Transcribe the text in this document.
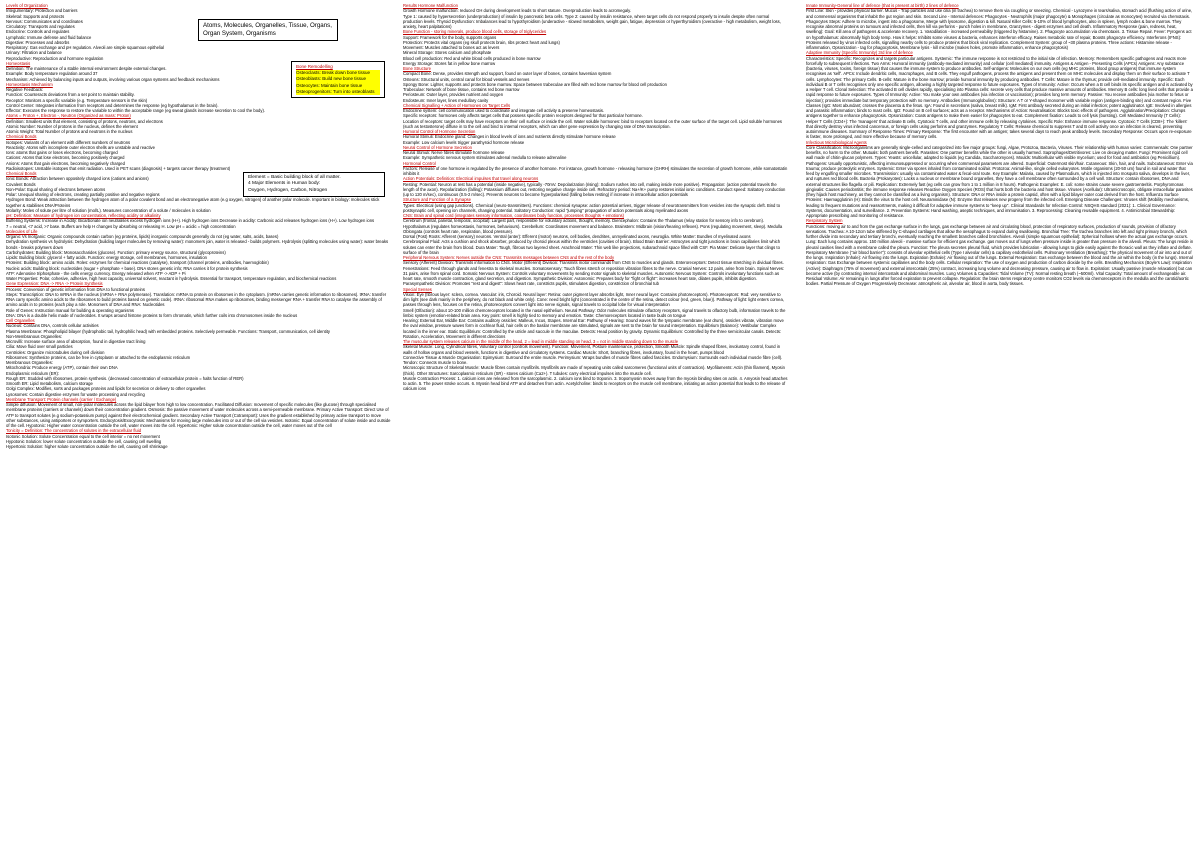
Levels of Organization

Integumentary: Protection and barriers

Skeletal: Supports and protects

Nervous: Communicates and coordinates

Circulatory: Transports and regulates

Endocrine: Controls and regulates

Lymphatic: Immune defense and fluid balance

Digestive: Processes and absorbs

Respiratory: Gas exchange and pH regulation. Alveoli are simple squamous epithelial

Urinary: Filtration and balance

Reproductive: Reproduction and hormone regulation

Homeostasis

Definition: The maintenance of a stable internal environment despite external changes.

Example: Body temperature regulation around 37

Mechanism: Achieved by balancing inputs and outputs, involving various organ systems and feedback mechanisms

Homeostasis Mechanism

Negative Feedback:

Function: Counteracts deviations from a set point to maintain stability.

Receptor: Monitors a specific variable (e.g. Temperature sensors in the skin)

Control Center: Integrates information from receptors and determines the response (eg hypothalamus in the brain).

Effector: Executes the response to restore the variable to within the acceptable range (eg sweat glands increase secretion to cool the body).

Atoms = Proton +, Electron -, Neutron (Organized as mass: Proton)

Definition: Smallest units that element, consisting of protons, neutrons, and electrons

Atomic Number: Number of protons in the nucleus, defines the element

Atomic Weight: Total Number of protons and neutrons in the nucleus

Chemical Bonds

Isotopes: Variants of an element with different numbers of neutrons

Reactivity: Atoms with incomplete outer electron shells are unstable and reactive

Ions: atoms that gains or loses electrons, becoming charged

Cations: Atoms that lose electrons, becoming positively charged

Anions: Atoms that gain electrons, becoming negatively charged

Radioisotopes: Unstable isotopes that emit radiation. Used in PET scans (diagnosis) + targets cancer therapy (treatment)

Chemical Bonds

Ionic Bonds: Attraction between oppositely charged ions (cations and anions)

Covalent Bonds

Non-Polar: Equal sharing of electrons between atoms

Polar: Unequal sharing of electrons, creating partially positive and negative regions

Hydrogen Bond: Weak attraction between the hydrogen atom of a polar covalent bond and an electronegative atom (e.g oxygen, nitrogen) of another polar molecule. Important in biology: molecules stick together & stabilises DNA/Proteins

Molarity: Moles of solute per litre of solution (mol/L). Measures concentration of a solute / molecules in solution

pH: Definition: Measure of hydrogen ion concentration, reflecting acidity or alkalinity

Buffering Systems: Increase in Acidity: Bicarbonate ion neutralises excess hydrogen ions (H+). High hydrogen ions Decrease in acidity: Carbonic acid releases hydrogen ions (H+). Low hydrogen ions

7 = neutral, <7 acid, >7 base. Buffers are help H changes by absorbing or releasing H. Low pH = acidic = high concentration

Molecules of Life

Organic Vs Inorganic: Organic compounds contain carbon (eg proteins, lipids) inorganic compounds generally do not (eg water, salts, acids, bases)

Dehydration synthesis vs hydrolysis: Dehydration (building larger molecules by removing water): monomers join, water is released - builds polymers. Hydrolysis (splitting molecules using water): water breaks bonds - breaks polymers down

Carbohydrates: Building block: Monosaccharides (glucose). Function: primary energy source, structural (glycoproteins)

Lipids: Building block: glycerol + fatty acids. Function: energy storage, cell membranes, hormones, insulation

Proteins: Building block: amino acids. Roles: enzymes for chemical reactions (catalyse), transport (channel proteins, antibodies, haemoglobin)

Nucleic acids: Building block: nucleotides (sugar + phosphate + base). DNA stores genetic info; RNA carries it for protein synthesis

ATP: Adenosine triphosphate - the cells energy currency. Energy released when ATP -> ADP + Pi

Water Properties: Polar, cohesive, adhesive, high heat capacity, universal solvent, reactant in hydrolysis. Essential for transport, temperature regulation, and biochemical reactions

Gene Expression: DNA -> RNA -> Protein Synthesis

Process: Conversion of genetic information from DNA to functional proteins

Steps: Transcription: DNA to mRNA in the nucleus (mRNA + RNA polymerase). Translation: mRNA to protein on ribosomes in the cytoplasm. (mRNA carries genetic information to ribosomes). tRNA: transfer RNA carry specific amino acids to the ribosomes to build proteins based on genetic code). rRNA: ribosomal RNA makes up ribosomes, binding messenger RNA + transfer RNA to catalyse the assembly of amino acids in to proteins (each play a role. Monomers of DNA and RNA: Nucleotides

Role of Genes: Instruction manual for building & operating organisms

DNA: DNA is a double helix made of nucleotides. It wraps around histone proteins to form chromatin, which further coils into chromosomes inside the nucleus

Cell Organelles

Nucleus: Contains DNA, controls cellular activities

Plasma Membrane: Phospholipid bilayer (hydrophobic tail, hydrophilic head) with embedded proteins. Selectively permeable. Functions: Transport, communication, cell identity

Non-Membranous Organelles:

Microvilli: Increase surface area of absorption, found in digestive tract lining

Cilia: Move fluid over small particles

Centrioles: Organize microtubules during cell division

Ribosomes: Synthesize proteins, can be free in cytoplasm or attached to the endoplasmic reticulum

Membranous Organelles:

Mitochondria: Produce energy (ATP), contain their own DNA

Endoplasmic reticulum (ER):

Rough ER: Studded with ribosomes, protein synthesis. (decreased concentration of extracellular protein = halts function of RER)

Smooth ER: Lipid metabolism, calcium storage

Golgi Complex: Modifies, sorts and packages proteins and lipids for secretion or delivery to other organelles

Lysosomes: Contain digestive enzymes for waste processing and recycling

Membrane Transport: Protein channels (carrier / Exchange)

Simple diffusion: Movement of small, non-polar molecules across the lipid bilayer from high to low concentration. Facilitated Diffusion: movement of specific molecules (like glucose) through specialised membrane proteins (carriers or channels) down their concentration gradient. Osmosis: the passive movement of water molecules across a semi-permeable membrane. Primary Active Transport: Direct Use of ATP to transport solutes (e.g sodium-potassium pump) against their electrochemical gradient. Secondary Active Transport (Cotransport): Uses the gradient established by primary active transport to move other substances, using antiporters or symporters. Endocytosis/Exocytosis: Mechanisms for moving large molecules into or out of the cell via vesicles. Isotonic: Equal concentration of solute inside and outside of the cell. Hypotonic: Higher water concentration outside the cell, water moves into the cell. Hypertonic: Higher solute concentration outside the cell, water moves out of the cell

Tonicity = Definition: The concentration of solutes in the extracellular fluid

Isotonic Solution: Solute Concentration equal to the cell interior = no net movement

Hypotonic Solution: lower solute concentration outside the cell, causing cell swelling

Hypertonic Solution: higher solute concentration outside the cell, causing cell shrinkage

Results Hormone Malfunction

Growth Hormone malfunction: reduced GH during development leads to short stature. Overproduction leads to acromegaly.

Type 1: caused by hypersecretion (underproduction) of insulin by pancreatic beta cells. Type 2: caused by insulin resistance, where target cells do not respond properly to insulin despite often normal production levels. Thyroid Dysfunction: Imbalances lead to hypothyroidism (underactive - slowed metabolism, weight gain, fatigue, depression or hyperthyroidism (overactive - high metabolism, weight loss, anxiety, heart palpitations)

Bone Function - storing minerals, produce blood cells, storage of triglycerides

Support: Framework for the body, supports organs

Protection: Protects vital organs (eg skull protects brain, ribs protect heart and lungs)

Movement: Muscles attached to bones act as levers

Mineral Storage: Stores calcium and phosphate

Blood cell production: Red and white blood cells produced in bone marrow

Energy Storage: Stores fat in yellow bone marrow

Bone Structure

Compact Bone: Dense, provides strength and support, found on outer layer of bones, contains haversian system

Osteons: Structural units, central canal for blood vessels and nerves

Spongy Bone: Lighter, supports and protects bone marrow. Space between trabeculae are filled with red bone marrow for blood cell production

Trabeculae: Network of bone tissue, contains red bone marrow

Periosteum: Outer layer, provides nutrient and oxygen

Endosteum: Inner layer, lines medullary cavity

Chemical Signalling + Action of Hormones on Target Cells

Endocrine system: cell communication used to coordinate and integrate cell activity & preserve homeostasis.

Specific receptors: hormones only affects target cells that possess specific protein receptors designed for that particular hormone.

Location of receptors: target cells may have receptors on their cell surface or inside the cell. Water soluble hormones: bind to receptors located on the outer surface of the target cell. Lipid soluble hormones (such as testosterone) diffuse in to the cell and bind to internal receptors, which can alter gene expression by changing rate of DNA transcription.

Humoral Control of Hormone Secretion

Humoral Stimuli: Endocrine gland: Changes in blood levels of ions and nutrients directly stimulate hormone release

Example: Low calcium levels trigger parathyroid hormone release

Neural Control of Hormone Secretion

Neural Stimuli: Nerve fibres stimulate hormone release

Example: Sympathetic nervous system stimulates adrenal medulla to release adrenaline

Hormonal Control

Factors: Release of one hormone is regulated by the presence of another hormone. For instance, growth hormone - releasing hormone (GHRH) stimulates the secretion of growth hormone, while somatostatin inhibits it

Action Potentials: Definition: Electrical impulses that travel along neurons

Resting: Potential: Neuron at rest has a potential (inside negative), typically -70mV. Depolarization (rising): Sodium rushes into cell, making inside more positive). Propagation: (action potential travels the length of the axon). Repolarization (falling): Potassium diffuses out, restoring negative charge inside cell. Refractory period: Na+/K+ pump restores initial ionic conditions. Conduct speed: Saltatory conduction (up to 120 m/sec), continuous (0.5-2 m/sec). Prevents neurons to become hyperpolarised (falling below resting) if increase in intracellular action potentials

Structure and Function of a Synapse

Types: Electrical (using gap junctions). Chemical (neuro-transmitters). Functions: chemical synapse: action potential arrives, trigger release of neurotransmitters from vesicles into the synaptic cleft. Bind to postsynaptic cell, opening ion channels, changing potential. Saltatory Conduction: rapid "jumping" propagation of action potentials along myelinated axons

CNS: Brain and spinal cord (integrates sensory information, coordinates body function, processes thoughts + emotions)

Cerebrum (frontal, parietal, temporal, occipital): Largest part, responsible for voluntary actions, thought, memory. Diencephalon: Contains the Thalamus (relay station for sensory info to cerebrum). Hypothalamus (regulates homeostasis, hormones, behaviours). Cerebellum: Coordinates movement and balance. Brainstem: Midbrain (vision/hearing reflexes). Pons (regulating movement, sleep). Medulla Oblongata (controls heart rate, respiration, blood pressure).

Dorsal (Post) Roots: Afferent (sensory) neurons. Ventral (anter): Efferent (motor) neurons, cell bodies, dendrites, unmyelinated axons, neuroglia. White Matter: Bundles of myelinated axons

Cerebrospinal Fluid: Acts a cushion and shock absorber, produced by choroid plexus within the ventricles (cavities of brain). Blood Brain Barrier: Astrocytes and tight junctions in brain capillaries limit which solutes can enter the brain from blood. Dura Mater: Tough, fibrous two layered sheet. Arachnoid Mater: Thin web like projections, subarachnoid space filled with CSF. Pia Mater: Delicate layer that clings to surface of the brain

Peripheral Nervous System: Nerves outside the CNS: Transmits messages between CNS and the rest of the body

Sensory (Afferent) Division: Transmits information to CNS. Motor (Efferent) Division: Transmits motor commands from CNS to muscles and glands. Enteroreceptors: Detect tissue stretching in dividual fibres. Fenestrations: Feed through glands and fenestra to skeletal muscles. Somatosensory: Touch fibres stretch or reposition vibration fibres to the nerve. Cranial Nerves: 12 pairs, arise from brain. Spinal Nerves: 31 pairs, arise from spinal cord. Somatic Nervous System: Controls voluntary movements by sending motor signals to skeletal muscles. Autonomic Nervous System: Controls involuntary functions such as heart rate, smooth muscle contraction, gland secretion, and digestion. Sympathetic Division: Autonomic: Prepares body for "fight or flight": increases heart rate, dilates pupils, inhibits digestion. Parasympathetic Division: Promotes "rest and digest": Slows heart rate, constricts pupils, stimulates digestion, constriction of bronchial tub

Special Senses

Vision: Eye (fibrous layer: sclera, cornea. Vascular: iris, Choroid. Neural layer: Retina: outer pigment layer absorbs light, Inner neural layer: Contains photoreceptors). Photoreceptors: Rod: very sensitive to dim light (see dark mainly in the periphery, do not black and white only). Cone: need bright light (concentrated in the centre of the retina, detect colour (red, green, blue)). Pathway of light: light enters cornea, passes through lens, focuses on the retina, photoreceptors convert light into nerve signals, signal travels to occipital lobe for visual interpretation

Smell (Olfaction): about 10-100 million chemoreceptors located in the nasal epithelium. Neural Pathway: Odor molecules stimulate olfactory receptors, signal travels to olfactory bulb, information travels to the limbic system (emotion-related brain area. Key point: smell is highly tied to memory and emotion. Taste: Chemoreceptors located in taste buds on tongue

Hearing: External Ear, Middle Ear: Contains auditory ossicles: Malleus, Incus, Stapes. Internal Ear: Pathway of Hearing: Sound waves hit the tympanic membrane (ear drum), ossicles vibrate, vibration move the oval window, pressure waves form in cochlear fluid, hair cells on the basilar membrane are stimulated, signals are sent to the brain for sound interpretation. Equilibrium (Balance): Vestibular Complex located in the inner ear. Static Equilibrium: Controlled by the utricle and saccule in the maculae. Detects: Head position by gravity. Dynamic Equilibrium: Controlled by the three semicircular canals. Detects: Rotation, Acceleration, Movement in different directions

The muscular system releases calcium in the middle of the head, 2 = lead in middle standing on head, 3 = not in middle standing down to the muscle

Skeletal Muscle: Long, Cylindrical fibres, Voluntary control (controls movement). Function: Movement, Posture maintenance, protection, Smooth Muscle: Spindle shaped fibres, involuntary control, found in walls of hollow organs and blood vessels, functions in digestive and circulatory systems. Cardiac Muscle: Short, branching fibres, involuntary, found in the heart, pumps blood

Connective Tissue & Muscle Organisation: Epimysium: Surround the entire muscle. Perimysium: Wraps bundles of muscle fibres called fascicles. Endomysium: Surrounds each individual muscle fibre (cell). Tendon: Connects muscle to bone.

Microscopic Structure of Skeletal Muscle: Muscle fibres contain myofibrils. Myofibrils are made of repeating units called sarcomeres (functional units of contraction). Myofilaments: Actin (thin filament), Myosin (thick). Other Structures: Sarcoplasmic reticulum (SR) - stores calcium (Ca2+). T tubules: carry electrical impulses into the muscle cell.

Muscle Contraction Process: 1. calcium ions are released from the sarcoplasmic. 2. calcium ions bind to troponin. 3. tropomyosin moves away from the myosin binding sites on actin. 4. Amyosin head attaches to actin. 5. The power stroke occurs. 6. Myosin head bind ATP and detaches from actin. Acetylcholine: binds to receptors on the muscle cell membrane, initiating an action potential that leads to the release of calcium ions

Innate Immunity-General line of defence (that is present at birth) 2 lines of defence

First Line: Skin - provides physical barrier. Mucus - Trap particles and use cilia (in trachea) to remove them via coughing or sneezing. Chemical - Lysozyme in tears/saliva, stomach acid (flushing action of urine, and commensal organisms that inhabit the gut region and skin. Second Line - Internal defences: Phagocytes - Neutrophils (major phagocyte) & Monophages (circulate as monocytes) recruited via chemotaxis. Phagocytes Steps: Adhere to microbe, ingest into a phagosome, Merge with lysosome, digestion & kill. Natural Killer Cells: 5-10% of blood lymphocytes, also in spleen, lymph nodes & bone marrow. They recognise abnormal proteins on tumours and infected cells, then kill via perforins - punch holes in membrane, Granzymes - digest enzymes and cell death. Inflammatory Response (pain, redness, heat, swelling): Goal: Kill area of pathogens & accelerate recovery. 1. Vasodilation - increased permeability (triggered by histamine). 2. Phagocyte accumulation via chemotaxis. 3. Tissue Repair. Fever: Pyrogens act on hypothalamus: abnormally high body temp. How it helps: Inhibits some viruses & bacteria, enhances interferon efficacy, Raises metabolic rate of repair, Boosts phagocyte efficiency. Interferons (IFNS): Proteins released by virus infected cells, signalling nearby cells to produce proteins that block viral replication. Complement System: group of ~30 plasma proteins. Three actions: Histamine release - inflammation, Opsonization - tag for phagocytosis, Membrane lysis - kill microbe (makes holes, promote inflammation, enhance phagocytosis)

Adaptive Immunity (Specific Immunity) 3rd line of defence

Characteristics: Specific: Recognizes and targets particular antigens. Systemic: The immune response is not restricted to the initial site of infection. Memory: Remembers specific pathogens and reacts more forcefully to subsequent infections. Two Arms: Humoral immunity (antibody-mediated immunity) and cellular (cell mediated) immunity. Antigens & Antigen - Presenting Cells (APCs) Antigens: Any substance (bacteria, viruses, toxins, foreign tissue) that causes the immune system to produce antibodies. Self-antigens: Molecules on our own cells (eg MHC proteins, blood group antigens) that immune system recognises as 'self'. APCs: Include dendritic cells, macrophages, and B cells. They engulf pathogens, process the antigens and present them on MHC molecules and display them on their surface to activate T cells. Lymphocytes: The primary Cells. B-cells: Mature in the bone marrow; provide humoral immunity by producing antibodies. T Cells: Mature in the thymus; provide cell-mediated immunity. Specific: Each individual B or T cells recognises only one specific antigen, allowing a highly targeted response to future exposures. Types of Immunity: Active: Occurs when a B cell binds its specific antigen and is activated by a Helper T cell. Clonal Selection: The activated B cell divides rapidly, specialising into Plasma cells: secrete very cells that produce massive amounts of antibodies. Memory B cells: long lived cells that provide a rapid response to future exposures. Types of Immunity: Active: You make your own antibodies (via infection or vaccination); provides long term memory. Passive: You receive antibodies (via mother to fetus or injection); provides immediate but temporary protection with no memory. Antibodies (Immunoglobulins): Structure: A T or Y-shaped monomer with variable region (antigen-binding site) and constant region. Five Classes (IgG: Most abundant; crosses the placenta & the fetus. IgA: Found in secretions (saliva, breast milk). IgM: First antibody secreted during an initial infection; potent agglutinator. IgE: Involved in allergies and parasitic inflammation; binds to mast cells. IgD: Found on B cell surfaces; acts as a receptor. Mechanisms of Action: Neutralisation: Blocks toxic effects of pathogens. Agglutination/Precipitation: Clumps antigens together to enhance phagocytosis. Opsonization: Coats antigens to make them easier for phagocytes to eat. Complement fixation: Leads to cell lysis (bursting). Cell Mediated Immunity (T Cells): Helper T Cells (CD4+): The 'managers' that activate B cells, Cytotoxic T cells, and other immune cells by releasing cytokines. Specific Role: Enhance immune response. Cytotoxic T Cells (CD8+): The 'killers' that directly destroy virus infected cancerous, or foreign cells using perforins and granzymes. Regulatory T Cells: Release chemical to suppress T and B cell activity once an infection is cleared, preventing autoimmune diseases. Summary of Response Times: Primary Response: The first encounter with an antigen; takes several days to reach peak antibody levels. Secondary Response: Occurs upon re-exposure is faster, more prolonged, and more effective because of memory cells.

Infectious Microbiological Agents

Core Classification: Microorganisms are generally single-celled and categorized into five major groups: fungi, Algae, Protozoa, Bacteria, Viruses. Their relationship with human varies: Commensals: One partner benefits, no harm to the other. Mutuals: both partners benefit. Parasites: One partner benefits while the other is usually harmed. Saprophages/Detritivores: Live on decaying matter. Fungi: Prominent rigid cell wall made of chitin-glucan polymers. Types: Yeasts: unicellular, adapted to liquids (eg Candida, Saccharomyces). Moulds: Multicellular with visible mycelium; used for food and antibiotics (eg Penicillium). Pathogens: Usually opportunistic, affecting immunosuppressed or occurring when commensal parameters are altered. Superficial: Outermost skin/hair. Cutaneous: Skin, hair, and nails. Subcutaneous: Enter via trauma; produce proteolytic enzymes. Systemic: Enter via spores inhaled from contaminated soil/air. Protozoa: Animal-like, single celled eukaryotes. Motile organisms (20-50 um) found in soil and water that feed by engulfing smaller microbes. Transmission: usually via contaminated water & fecal-oral route. Key Example: Malaria, caused by Plasmodium, which is injected into mosquito saliva, develops in the liver, and ruptures red blood cells. Bacteria (Prokaryotes): Lacks a nucleus or membrane bound organelles, they have a cell membrane often surrounded by a cell wall. Structure: contain ribosomes, DNA and external structures like flagella or pili. Replication: Extremely fast (eg cells can grow from 1 to 1 million in 8 hours). Pathogenic Examples: E. coli: some strains cause severe gastroenteritis. Porphyromonas gingivalis: Causes periodontitis; the immune response releases Reactive Oxygen Species (ROS) that hurts both the bacteria and host tissue. Viruses (Acellular): Ultramicroscopic, obligate intracellular parasites (they hijack host machinery, as they cannot be classified as a living organism). Structure: DNA or RNA inside a protein capsid, often with a lipid bilayer outer coat derived from the host. Influenza Surface Proteins: Haemagglutinin (H): Binds the virus to the host cell. Neuraminidase (N): Enzyme that releases new progeny from the infected cell. Emerging Disease Challenges: Viruses shift (Mobility mechanisms, leading to frequent mutations and reassortments, making it difficult for adaptive immune systems to "keep up". Clinical Standards for Infection Control: NSQHS standard (2021): 1. Clinical Governance: Systems, documentation, and surveillance. 2. Prevention Systems: Hand washing, aseptic techniques, and immunisation. 3. Reprocessing: Cleaning reusable equipment. 4. Antimicrobial Stewardship: Appropriate prescribing and monitoring of resistance.

Respiratory System

Functions: moving air to and from the gas exchange surface in the lungs, gas exchange between air and circulating blood, protection of respiratory surfaces, production of sounds, provision of olfactory sensations. Trachea: A 10-12cm tube stiffened by C-shaped cartilages that allow the oesophagus to expand during swallowing. Bronchial Tree: The trachea branches into left and right primary bronchi, which further divide into secondary and tertiary bronchi, eventually reaching the smallest branches called bronchioles. Alveoli (simple squamous epithelial): Spherical hollows where the actual gas exchange occurs. Lung: Each lung contains approx. 150 million alveoli - massive surface for efficient gas exchange. gas moves out of lungs when pressure inside is greater than pressure in the alveoli. Pleura: The lungs reside in pleural cavities lined with a membrane called the pleura. Function: The pleura secretes pleural fluid, which provides lubrication - allowing lungs to glide easily against the thoracic wall as they inflate and deflate. Respiratory Membrane ("air blood barrier"): consists of alveolar epithelial cells (Type I alveolar cells) & capillary endothelial cells. Pulmonary Ventilation (Breathing): The physical movement of air into and out of the lungs. Inspiration (Inhale): Air flowing into the lungs. Expiration (Exhale): Air flowing out of the lungs. External Respiration: Gas exchange between the blood and the air within the body (in the lungs). Internal respiration: Gas Exchange between systemic capillaries and the body cells. Cellular respiration: The use of oxygen and production of carbon dioxide by the cells. Breathing Mechanics (Boyle's Law): Inspiration (Active): Diaphragm (75% of movement) and external intercostals (25%) contract, increasing lung volume and decreasing pressure, causing air to flow in. Expiration: Usually passive (muscle relaxation) but can become active (by contracting internal intercostals and abdominal muscles. Lung Volumes & Capacities: Tidal Volume (TV): Normal resting breath (~500ml). Vital Capacity: Total amount of exchangeable air. Residual Volume: Air remaining in lungs after forced expiration to prevent collapse. Regulation: the brain stems respiratory centre monitors CO2 levels via chemoreceptors in the medulla and the carotid/aortic bodies. Partial Pressure of Oxygen Progressively Decrease: atmospheric air, alveolar air, blood in aorta, body tissues.

Atoms, Molecules, Organelles, Tissue, Organs, Organ System, Organisms
Element = Basic building block of all matter.
4 Major Elements in Human body:
Oxygen, Hydrogen, Carbon, Nitrogen
Bone Remodelling
Osteoclasts: Break down bone tissue
Osteoblasts: Build new bone tissue
Osteocytes: Maintain bone tissue
Osteoprogenitors: Turn into osteoblasts
